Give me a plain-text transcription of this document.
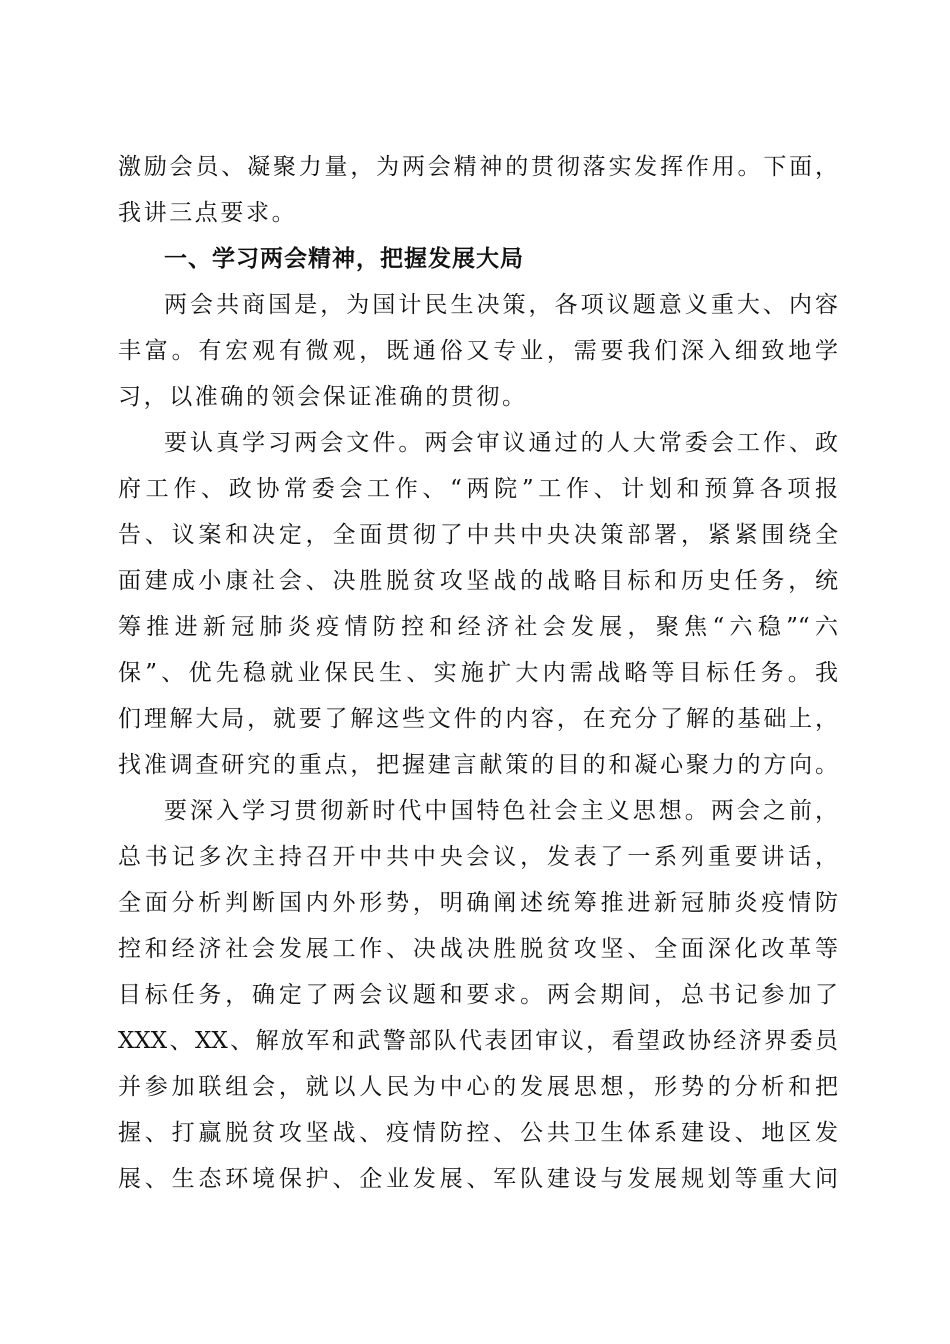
激励会员、凝聚力量，为两会精神的贯彻落实发挥作用。下面，
我讲三点要求。
一、学习两会精神，把握发展大局
两会共商国是，为国计民生决策，各项议题意义重大、内容
丰富。有宏观有微观，既通俗又专业，需要我们深入细致地学
习，以准确的领会保证准确的贯彻。
要认真学习两会文件。两会审议通过的人大常委会工作、政
府工作、政协常委会工作、“两院”工作、计划和预算各项报
告、议案和决定，全面贯彻了中共中央决策部署，紧紧围绕全
面建成小康社会、决胜脱贫攻坚战的战略目标和历史任务，统
筹推进新冠肺炎疫情防控和经济社会发展，聚焦“六稳”“六
保”、优先稳就业保民生、实施扩大内需战略等目标任务。我
们理解大局，就要了解这些文件的内容，在充分了解的基础上，
找准调查研究的重点，把握建言献策的目的和凝心聚力的方向。
要深入学习贯彻新时代中国特色社会主义思想。两会之前，
总书记多次主持召开中共中央会议，发表了一系列重要讲话，
全面分析判断国内外形势，明确阐述统筹推进新冠肺炎疫情防
控和经济社会发展工作、决战决胜脱贫攻坚、全面深化改革等
目标任务，确定了两会议题和要求。两会期间，总书记参加了
XXX、XX、解放军和武警部队代表团审议，看望政协经济界委员
并参加联组会，就以人民为中心的发展思想，形势的分析和把
握、打赢脱贫攻坚战、疫情防控、公共卫生体系建设、地区发
展、生态环境保护、企业发展、军队建设与发展规划等重大问
